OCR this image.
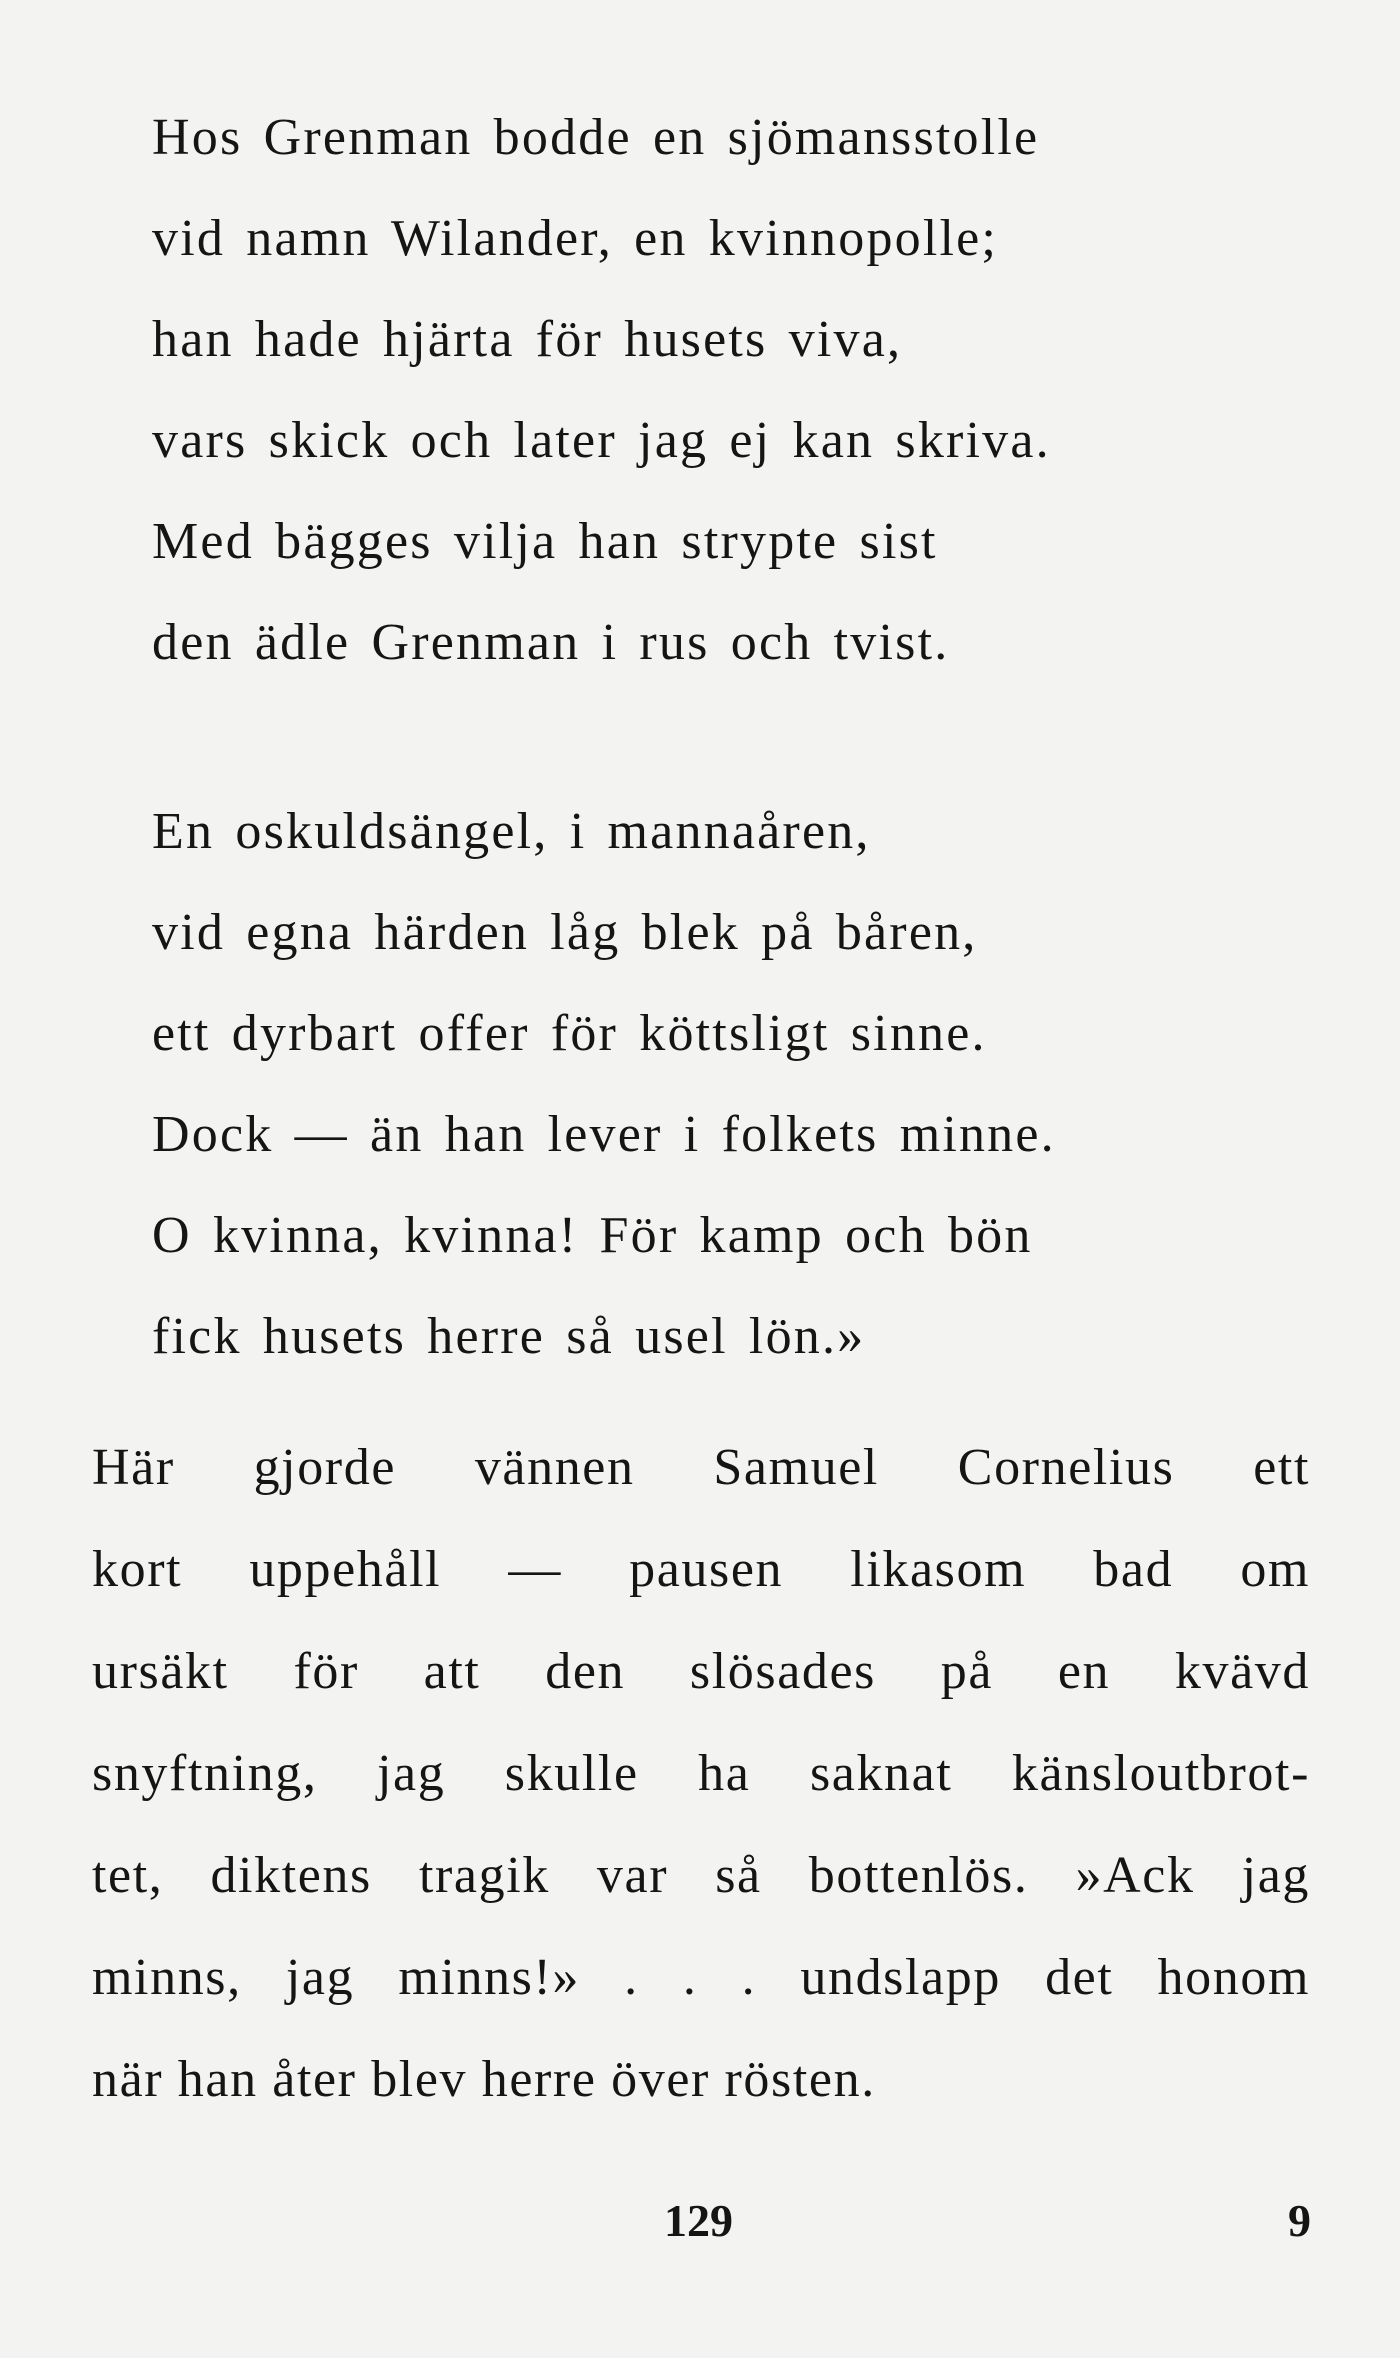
Hos Grenman bodde en sjömansstolle
vid namn Wilander, en kvinnopolle;
han hade hjärta för husets viva,
vars skick och later jag ej kan skriva.
Med bägges vilja han strypte sist
den ädle Grenman i rus och tvist.
En oskuldsängel, i mannaåren,
vid egna härden låg blek på båren,
ett dyrbart offer för köttsligt sinne.
Dock — än han lever i folkets minne.
O kvinna, kvinna! För kamp och bön
fick husets herre så usel lön.»
Här gjorde vännen Samuel Cornelius ett
kort uppehåll — pausen likasom bad om
ursäkt för att den slösades på en kvävd
snyftning, jag skulle ha saknat känsloutbrot-
tet, diktens tragik var så bottenlös. »Ack jag
minns, jag minns!» . . . undslapp det honom
när han åter blev herre över rösten.
129	9
